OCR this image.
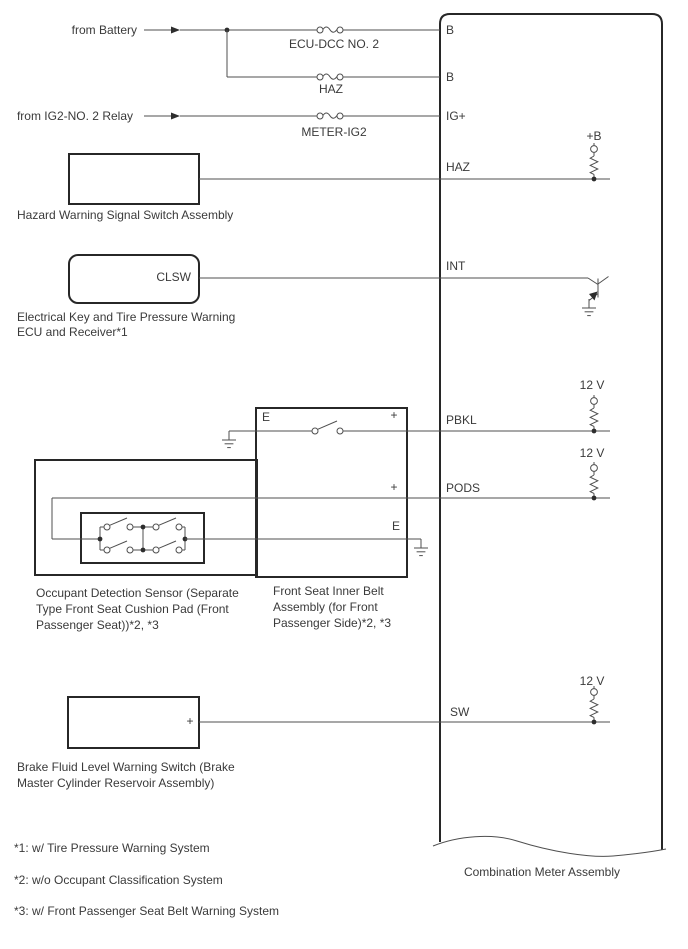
from Battery
from IG2-NO. 2 Relay
ECU-DCC NO. 2
HAZ
METER-IG2
B
B
IG+
HAZ
INT
PBKL
PODS
SW
+B
12 V
12 V
12 V
Hazard Warning Signal Switch Assembly
CLSW
Electrical Key and Tire Pressure Warning
ECU and Receiver*1
E	+
+
E
Occupant Detection Sensor (Separate
Type Front Seat Cushion Pad (Front
Passenger Seat))*2, *3
Front Seat Inner Belt
Assembly (for Front
Passenger Side)*2, *3
+
Brake Fluid Level Warning Switch (Brake
Master Cylinder Reservoir Assembly)
*1: w/ Tire Pressure Warning System
*2: w/o Occupant Classification System
*3: w/ Front Passenger Seat Belt Warning System
Combination Meter Assembly
